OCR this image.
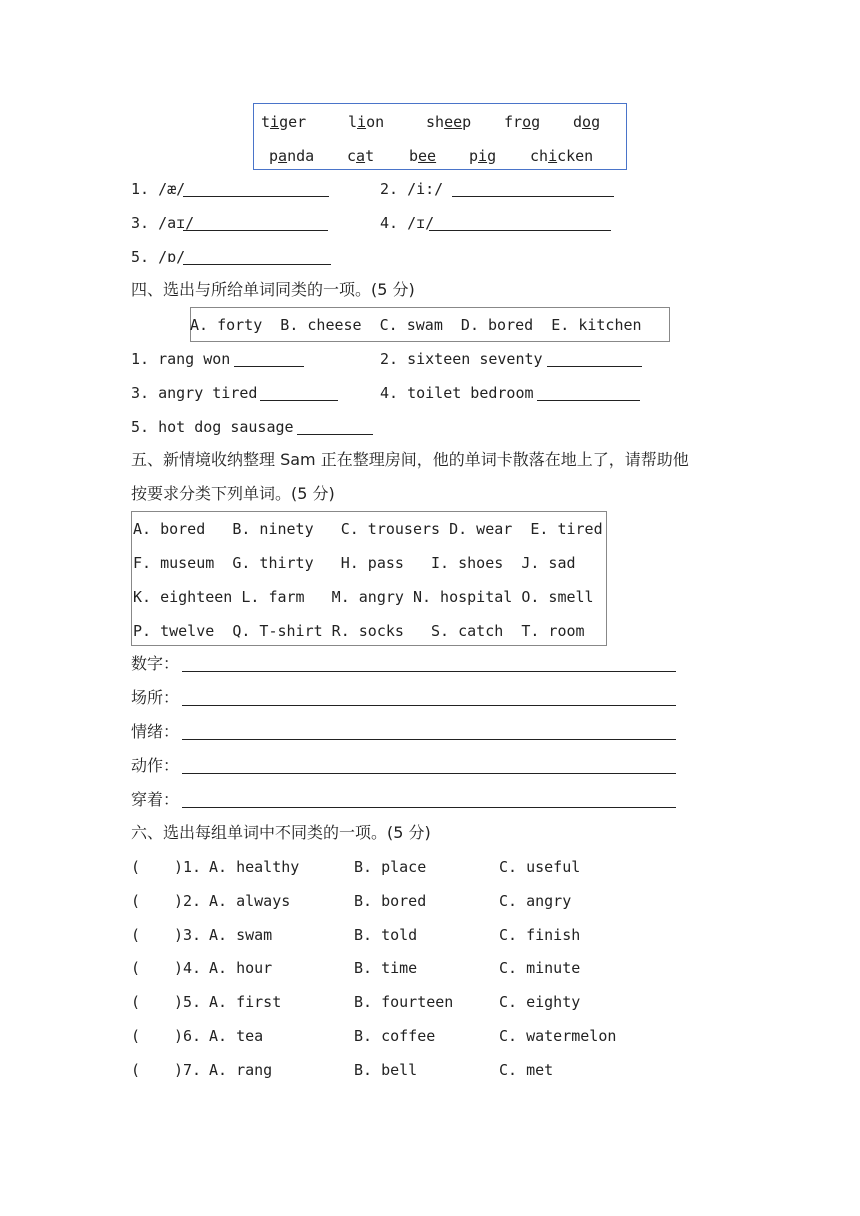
tiger	lion	sheep frog dog
panda cat bee pig chicken
1. /æ/	2. /i:/
3. /aɪ/	4. /ɪ/
5. /ɒ/
四、选出与所给单词同类的一项。(5 分)
A. forty  B. cheese  C. swam  D. bored  E. kitchen
1. rang won	2. sixteen seventy
3. angry tired	4. toilet bedroom
5. hot dog sausage
五、新情境收纳整理 Sam 正在整理房间，他的单词卡散落在地上了，请帮助他
按要求分类下列单词。(5 分)
A. bored   B. ninety   C. trousers D. wear  E. tired
F. museum  G. thirty   H. pass   I. shoes  J. sad
K. eighteen L. farm   M. angry N. hospital O. smell
P. twelve  Q. T-shirt R. socks   S. catch  T. room
数字：
场所：
情绪：
动作：
穿着：
六、选出每组单词中不同类的一项。(5 分)
( )1. A. healthy	B. place	C. useful
( )2. A. always	B. bored	C. angry
( )3. A. swam	B. told	C. finish
( )4. A. hour	B. time	C. minute
( )5. A. first	B. fourteen	C. eighty
( )6. A. tea	B. coffee	C. watermelon
( )7. A. rang	B. bell	C. met
